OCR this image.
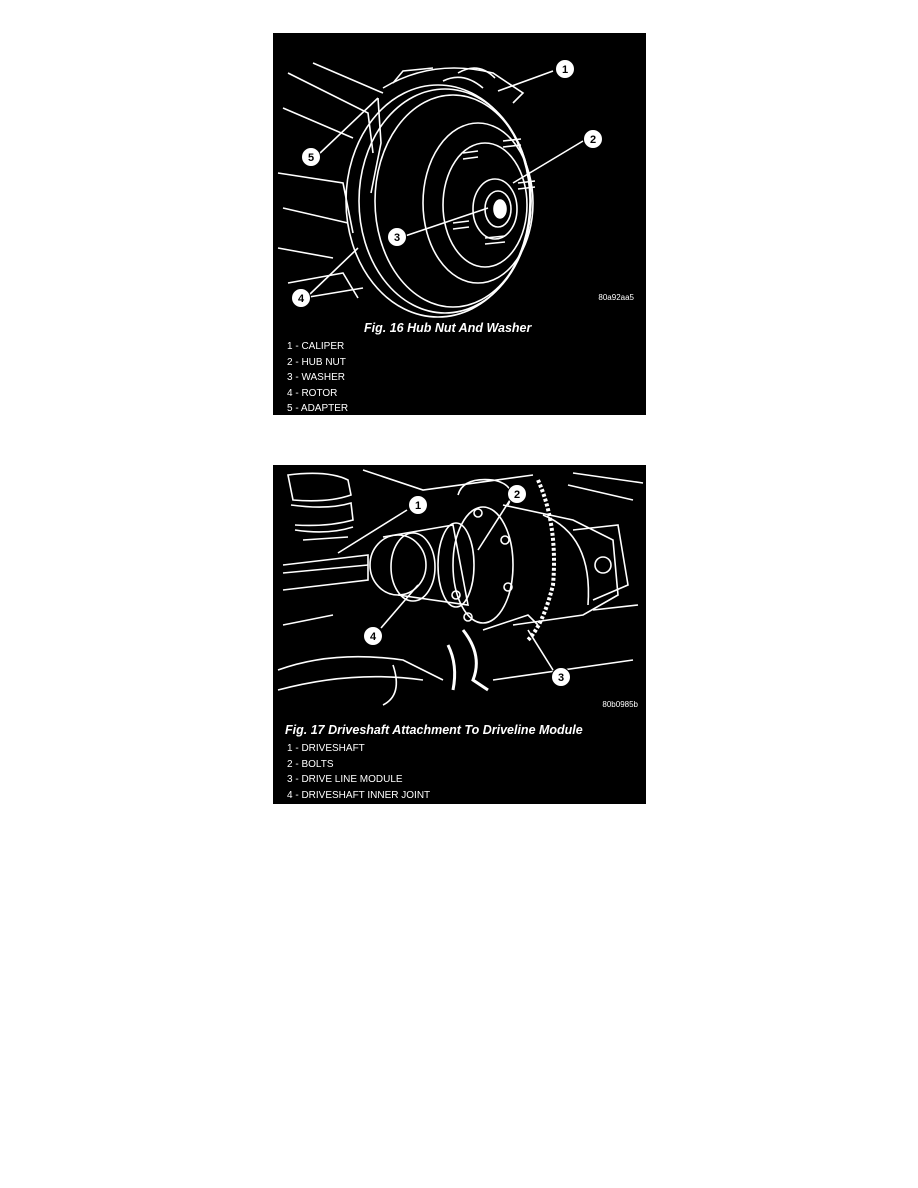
1
2
3
4
5
80a92aa5
Fig. 16 Hub Nut And Washer
1 - CALIPER
2 - HUB NUT
3 - WASHER
4 - ROTOR
5 - ADAPTER
1
2
3
4
80b0985b
Fig. 17 Driveshaft Attachment To Driveline Module
1 - DRIVESHAFT
2 - BOLTS
3 - DRIVE LINE MODULE
4 - DRIVESHAFT INNER JOINT
